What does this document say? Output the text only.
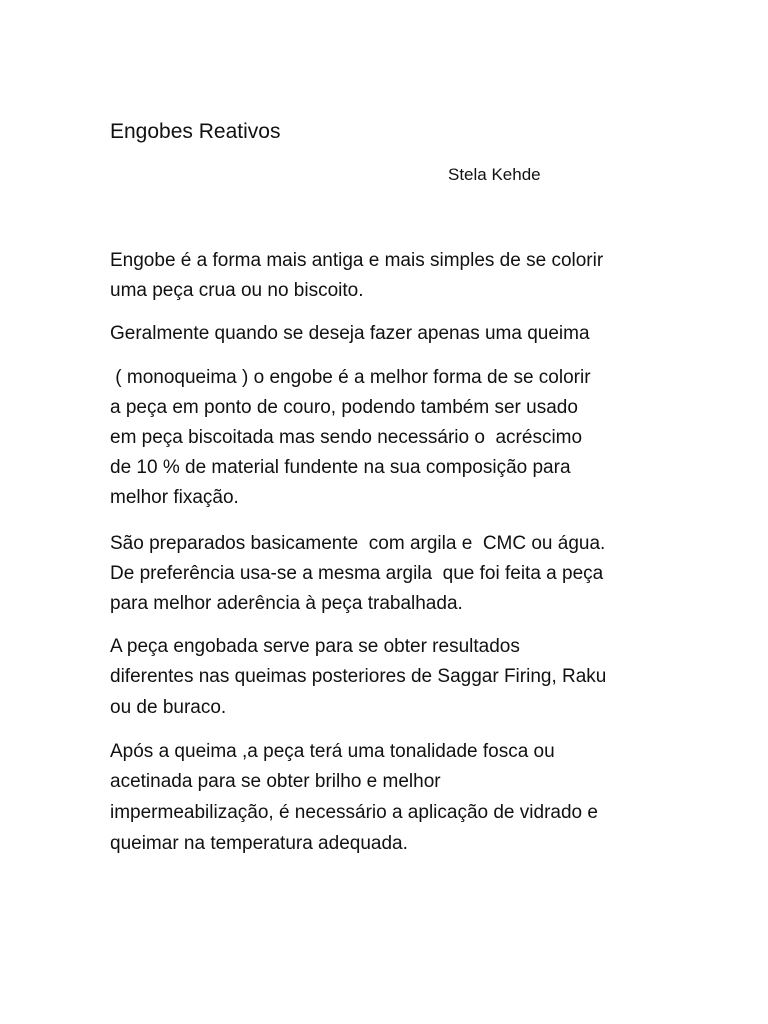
Engobes Reativos

Stela Kehde

Engobe é a forma mais antiga e mais simples de se colorir

uma peça crua ou no biscoito.

Geralmente quando se deseja fazer apenas uma queima

( monoqueima ) o engobe é a melhor forma de se colorir

a peça em ponto de couro, podendo também ser usado

em peça biscoitada mas sendo necessário o  acréscimo

de 10 % de material fundente na sua composição para

melhor fixação.

São preparados basicamente  com argila e  CMC ou água.

De preferência usa-se a mesma argila  que foi feita a peça

para melhor aderência à peça trabalhada.

A peça engobada serve para se obter resultados

diferentes nas queimas posteriores de Saggar Firing, Raku

ou de buraco.

Após a queima ,a peça terá uma tonalidade fosca ou

acetinada para se obter brilho e melhor

impermeabilização, é necessário a aplicação de vidrado e

queimar na temperatura adequada.
